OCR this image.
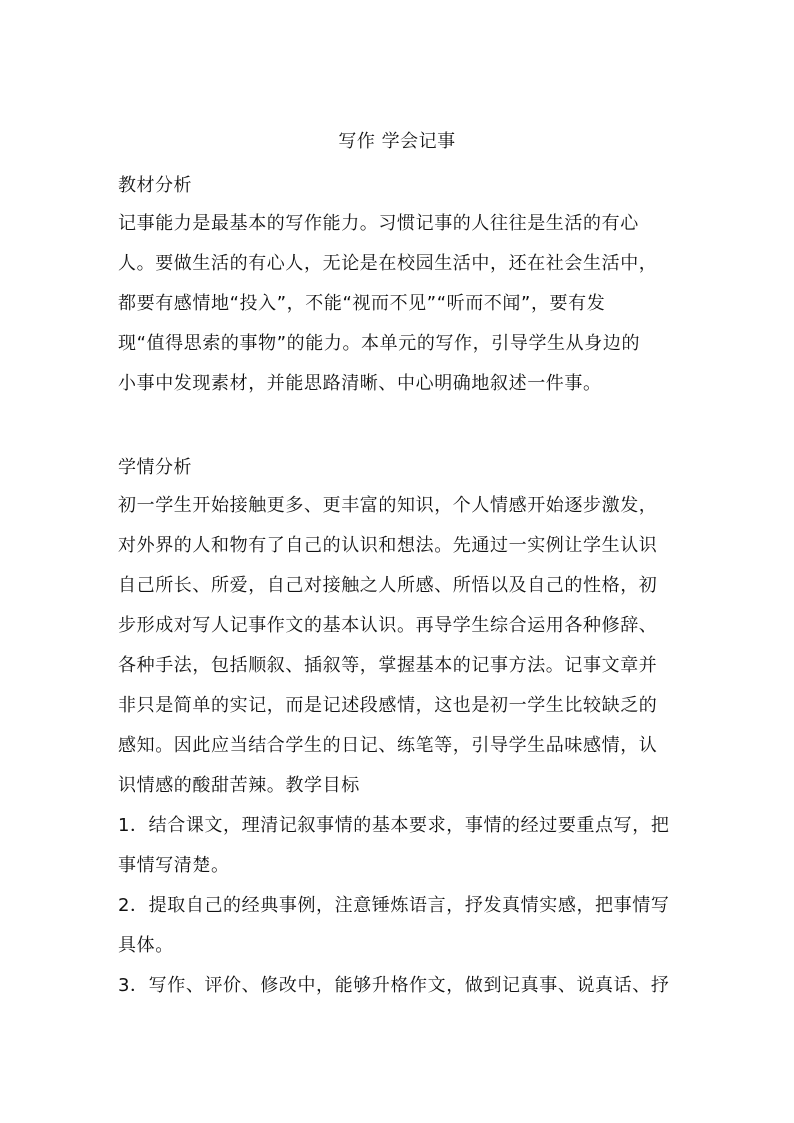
写作 学会记事
教材分析
记事能力是最基本的写作能力。习惯记事的人往往是生活的有心
人。要做生活的有心人，无论是在校园生活中，还在社会生活中，
都要有感情地“投入”，不能“视而不见”“听而不闻”，要有发
现“值得思索的事物”的能力。本单元的写作，引导学生从身边的
小事中发现素材，并能思路清晰、中心明确地叙述一件事。
学情分析
初一学生开始接触更多、更丰富的知识，个人情感开始逐步激发，
对外界的人和物有了自己的认识和想法。先通过一实例让学生认识
自己所长、所爱，自己对接触之人所感、所悟以及自己的性格，初
步形成对写人记事作文的基本认识。再导学生综合运用各种修辞、
各种手法，包括顺叙、插叙等，掌握基本的记事方法。记事文章并
非只是简单的实记，而是记述段感情，这也是初一学生比较缺乏的
感知。因此应当结合学生的日记、练笔等，引导学生品味感情，认
识情感的酸甜苦辣。教学目标
1．结合课文，理清记叙事情的基本要求，事情的经过要重点写，把
事情写清楚。
2．提取自己的经典事例，注意锤炼语言，抒发真情实感，把事情写
具体。
3．写作、评价、修改中，能够升格作文，做到记真事、说真话、抒
